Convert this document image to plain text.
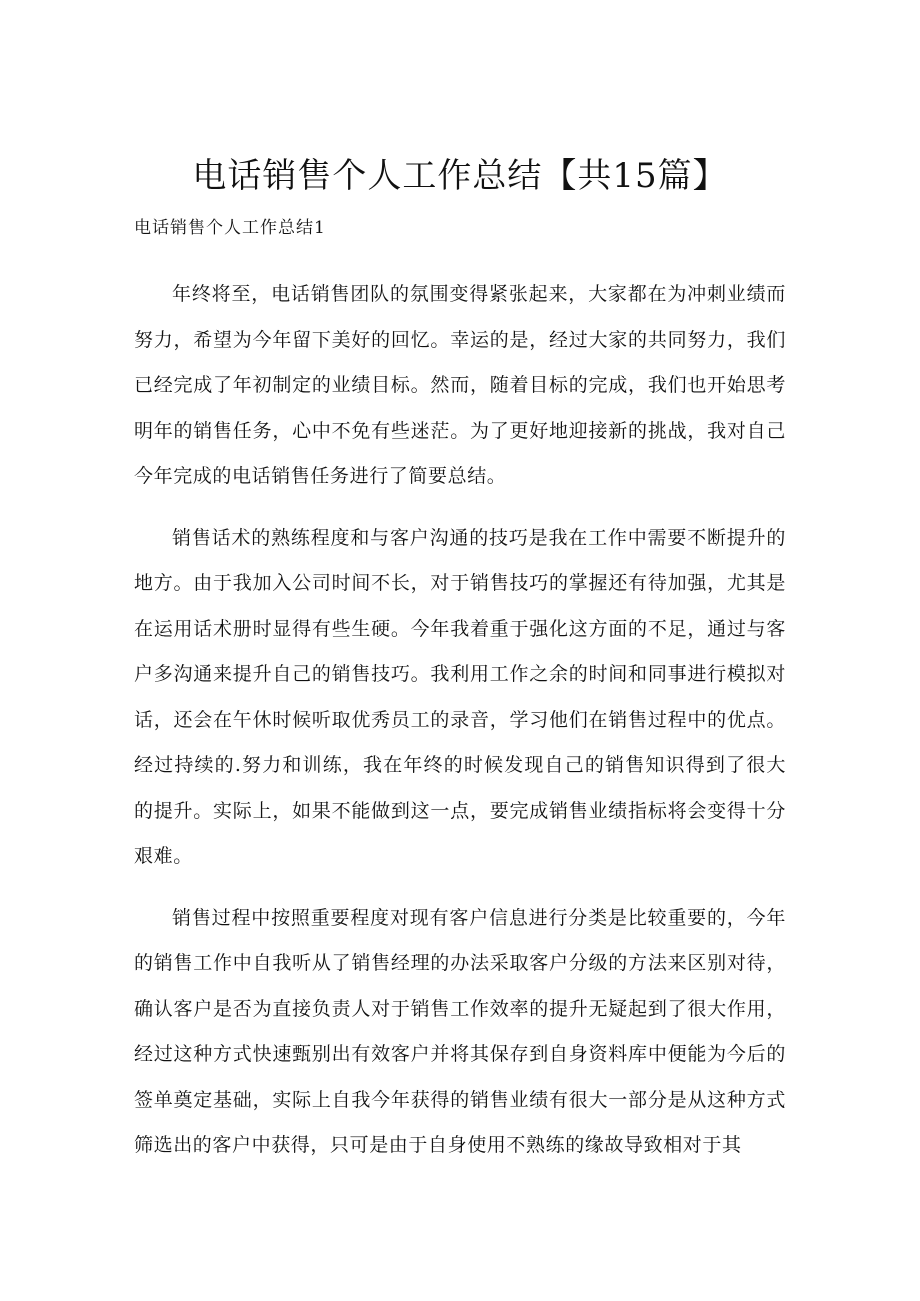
电话销售个人工作总结【共15篇】
电话销售个人工作总结1

年终将至，电话销售团队的氛围变得紧张起来，大家都在为冲刺业绩而努力，希望为今年留下美好的回忆。幸运的是，经过大家的共同努力，我们已经完成了年初制定的业绩目标。然而，随着目标的完成，我们也开始思考明年的销售任务，心中不免有些迷茫。为了更好地迎接新的挑战，我对自己今年完成的电话销售任务进行了简要总结。

销售话术的熟练程度和与客户沟通的技巧是我在工作中需要不断提升的地方。由于我加入公司时间不长，对于销售技巧的掌握还有待加强，尤其是在运用话术册时显得有些生硬。今年我着重于强化这方面的不足，通过与客户多沟通来提升自己的销售技巧。我利用工作之余的时间和同事进行模拟对话，还会在午休时候听取优秀员工的录音，学习他们在销售过程中的优点。经过持续的.努力和训练，我在年终的时候发现自己的销售知识得到了很大的提升。实际上，如果不能做到这一点，要完成销售业绩指标将会变得十分艰难。

销售过程中按照重要程度对现有客户信息进行分类是比较重要的，今年的销售工作中自我听从了销售经理的办法采取客户分级的方法来区别对待，确认客户是否为直接负责人对于销售工作效率的提升无疑起到了很大作用，经过这种方式快速甄别出有效客户并将其保存到自身资料库中便能为今后的签单奠定基础，实际上自我今年获得的销售业绩有很大一部分是从这种方式筛选出的客户中获得，只可是由于自身使用不熟练的缘故导致相对于其
